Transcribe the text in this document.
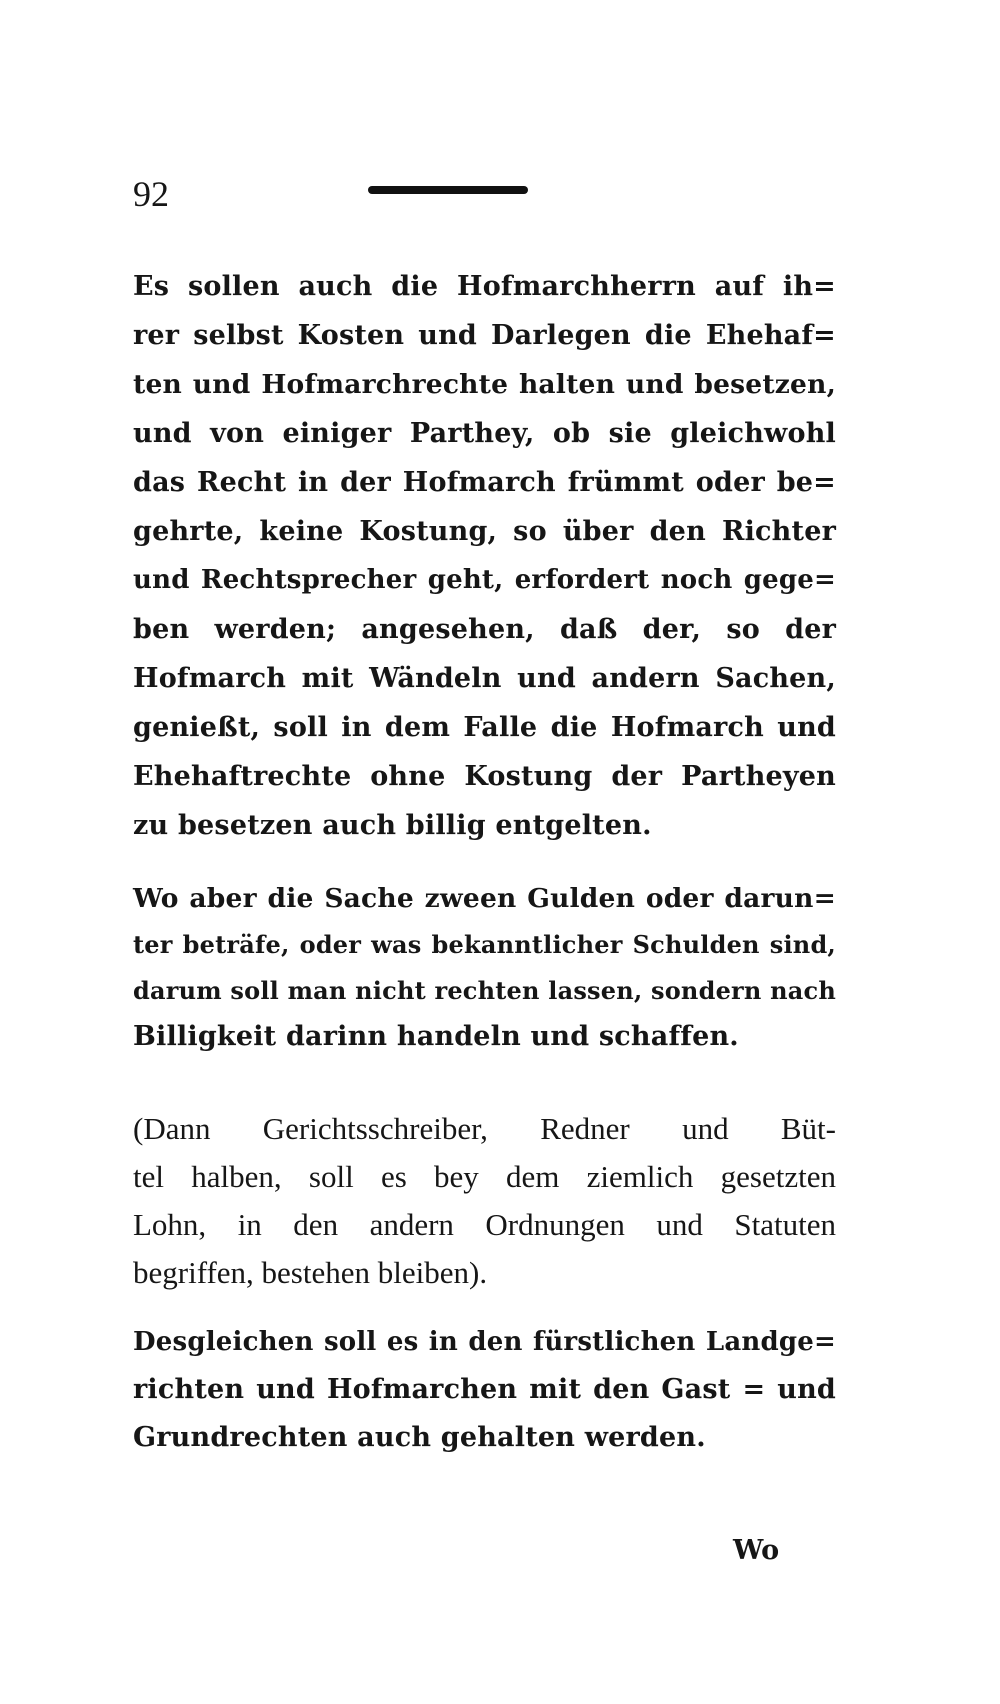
92
Es sollen auch die Hofmarchherrn auf ih=
rer selbst Kosten und Darlegen die Ehehaf=
ten und Hofmarchrechte halten und besetzen,
und von einiger Parthey, ob sie gleichwohl
das Recht in der Hofmarch frümmt oder be=
gehrte, keine Kostung, so über den Richter
und Rechtsprecher geht, erfordert noch gege=
ben werden; angesehen, daß der, so der
Hofmarch mit Wändeln und andern Sachen,
genießt, soll in dem Falle die Hofmarch und
Ehehaftrechte ohne Kostung der Partheyen
zu besetzen auch billig entgelten.
Wo aber die Sache zween Gulden oder darun=
ter beträfe, oder was bekanntlicher Schulden sind,
darum soll man nicht rechten lassen, sondern nach
Billigkeit darinn handeln und schaffen.
(Dann Gerichtsschreiber, Redner und Büt-
tel halben, soll es bey dem ziemlich gesetzten
Lohn, in den andern Ordnungen und Statuten
begriffen, bestehen bleiben).
Desgleichen soll es in den fürstlichen Landge=
richten und Hofmarchen mit den Gast = und
Grundrechten auch gehalten werden.
Wo
